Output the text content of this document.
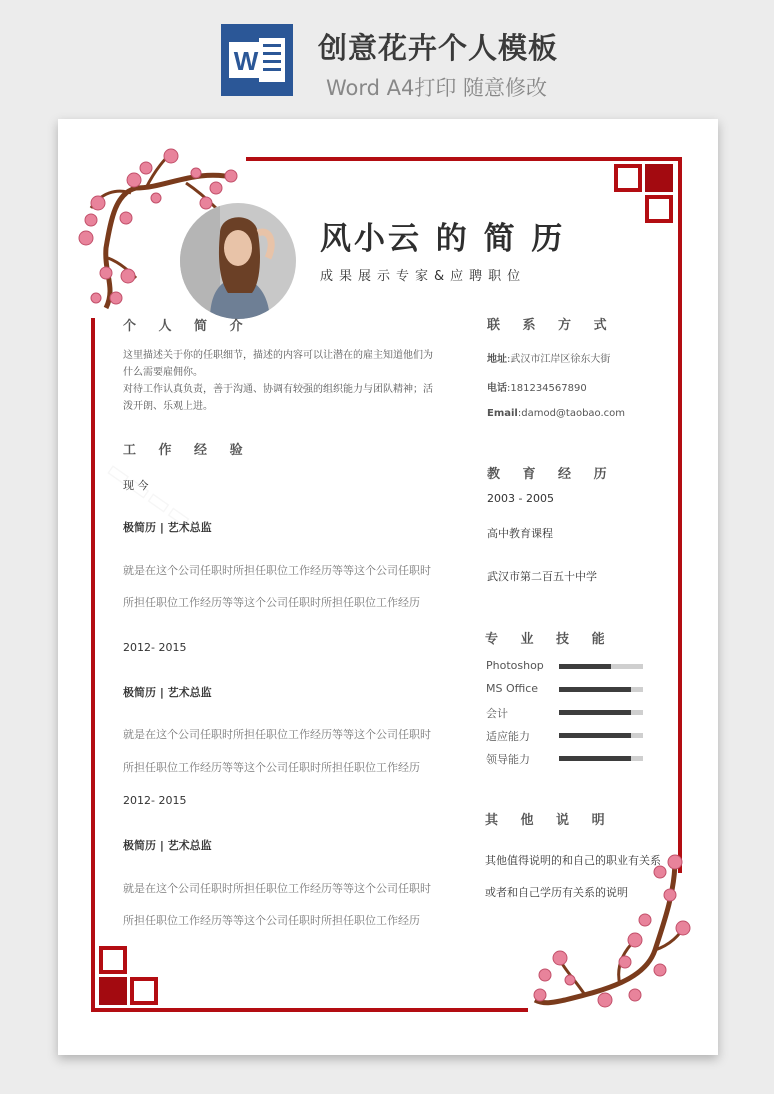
W 创意花卉个人模板
Word A4打印 随意修改
风小云 的 简 历
成果展示专家&应聘职位
个 人 简 介
这里描述关于你的任职细节，描述的内容可以让潜在的雇主知道他们为
什么需要雇佣你。
对待工作认真负责，善于沟通、协调有较强的组织能力与团队精神；活
泼开朗、乐观上进。
工 作 经 验
现 今
极简历 | 艺术总监
就是在这个公司任职时所担任职位工作经历等等这个公司任职时
所担任职位工作经历等等这个公司任职时所担任职位工作经历
2012- 2015
极简历 | 艺术总监
就是在这个公司任职时所担任职位工作经历等等这个公司任职时
所担任职位工作经历等等这个公司任职时所担任职位工作经历
2012- 2015
极简历 | 艺术总监
就是在这个公司任职时所担任职位工作经历等等这个公司任职时
所担任职位工作经历等等这个公司任职时所担任职位工作经历
联 系 方 式
地址:武汉市江岸区徐东大街
电话:181234567890
Email:damod@taobao.com
教 育 经 历
2003 - 2005
高中教育课程
武汉市第二百五十中学
专 业 技 能
Photoshop
MS Office
会计
适应能力
领导能力
其 他 说 明
其他值得说明的和自己的职业有关系
或者和自己学历有关系的说明
